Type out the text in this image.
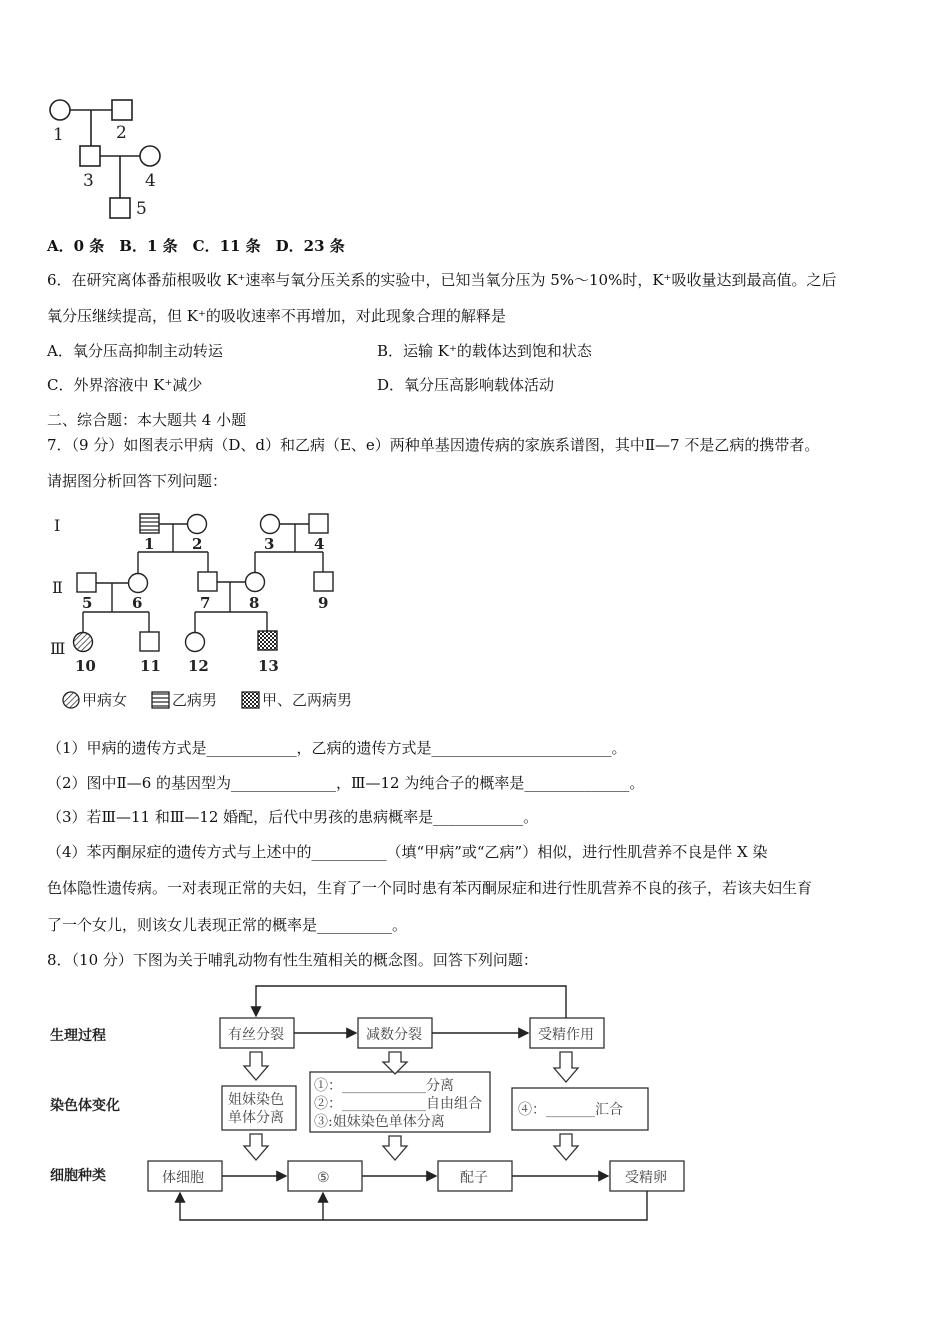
1	2
3	4
5
A．0 条　B．1 条　C．11 条　D．23 条
6．在研究离体番茄根吸收 K⁺速率与氧分压关系的实验中，已知当氧分压为 5%～10%时，K⁺吸收量达到最高值。之后
氧分压继续提高，但 K⁺的吸收速率不再增加，对此现象合理的解释是
A．氧分压高抑制主动转运	B．运输 K⁺的载体达到饱和状态
C．外界溶液中 K⁺减少	D．氧分压高影响载体活动
二、综合题：本大题共 4 小题
7．（9 分）如图表示甲病（D、d）和乙病（E、e）两种单基因遗传病的家族系谱图，其中Ⅱ—7 不是乙病的携带者。
请据图分析回答下列问题：
Ⅰ
Ⅱ
Ⅲ
1	2	3	4
5	6	7	8	9
10	11 12	13
甲病女	乙病男	甲、乙两病男
（1）甲病的遗传方式是____________，乙病的遗传方式是________________________。
（2）图中Ⅱ—6 的基因型为______________，Ⅲ—12 为纯合子的概率是______________。
（3）若Ⅲ—11 和Ⅲ—12 婚配，后代中男孩的患病概率是____________。
（4）苯丙酮尿症的遗传方式与上述中的__________（填“甲病”或“乙病”）相似，进行性肌营养不良是伴 X 染
色体隐性遗传病。一对表现正常的夫妇，生育了一个同时患有苯丙酮尿症和进行性肌营养不良的孩子，若该夫妇生育
了一个女儿，则该女儿表现正常的概率是__________。
8．（10 分）下图为关于哺乳动物有性生殖相关的概念图。回答下列问题：
生理过程
染色体变化
细胞种类
有丝分裂	减数分裂	受精作用
姐妹染色
单体分离
①：____________分离
②：____________自由组合
③:姐妹染色单体分离
④：_______汇合
体细胞	⑤	配子	受精卵
